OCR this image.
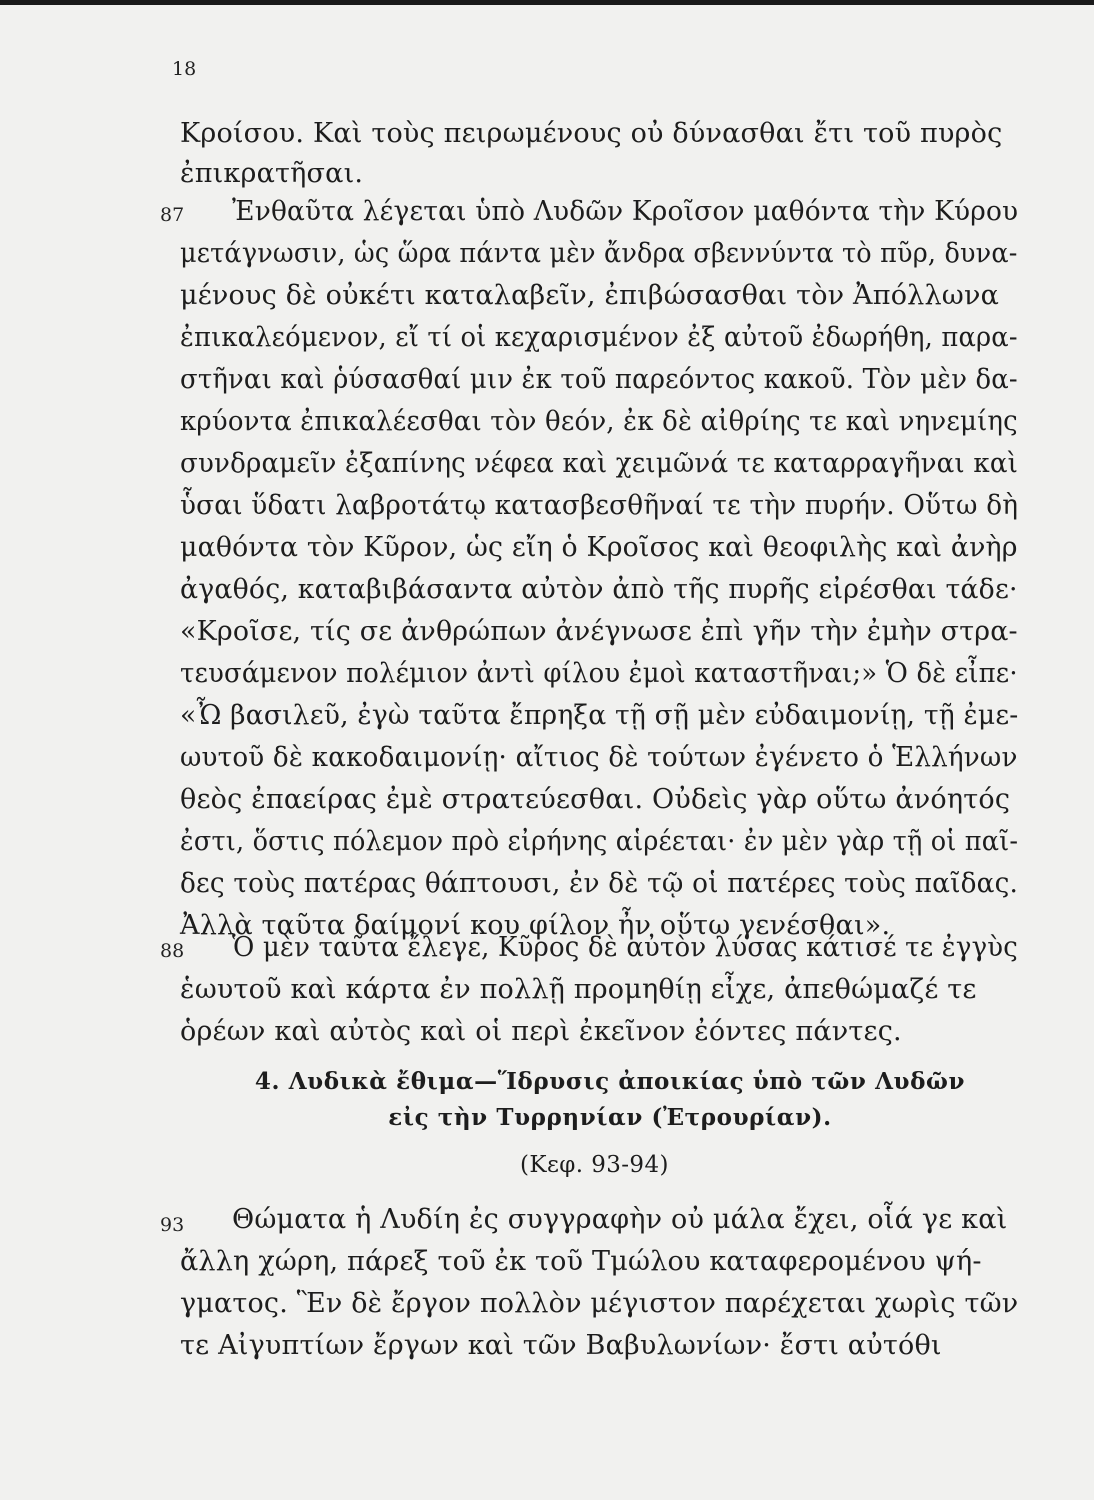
18
Κροίσου. Καὶ τοὺς πειρωμένους οὐ δύνασθαι ἔτι τοῦ πυρὸς
ἐπικρατῆσαι.
87 Ἐνθαῦτα λέγεται ὑπὸ Λυδῶν Κροῖσον μαθόντα τὴν Κύρου
μετάγνωσιν, ὡς ὥρα πάντα μὲν ἄνδρα σβεννύντα τὸ πῦρ, δυνα-
μένους δὲ οὐκέτι καταλαβεῖν, ἐπιβώσασθαι τὸν Ἀπόλλωνα
ἐπικαλεόμενον, εἴ τί οἱ κεχαρισμένον ἐξ αὐτοῦ ἐδωρήθη, παρα-
στῆναι καὶ ῥύσασθαί μιν ἐκ τοῦ παρεόντος κακοῦ. Τὸν μὲν δα-
κρύοντα ἐπικαλέεσθαι τὸν θεόν, ἐκ δὲ αἰθρίης τε καὶ νηνεμίης
συνδραμεῖν ἐξαπίνης νέφεα καὶ χειμῶνά τε καταρραγῆναι καὶ
ὗσαι ὕδατι λαβροτάτῳ κατασβεσθῆναί τε τὴν πυρήν. Οὕτω δὴ
μαθόντα τὸν Κῦρον, ὡς εἴη ὁ Κροῖσος καὶ θεοφιλὴς καὶ ἀνὴρ
ἀγαθός, καταβιβάσαντα αὐτὸν ἀπὸ τῆς πυρῆς εἰρέσθαι τάδε·
«Κροῖσε, τίς σε ἀνθρώπων ἀνέγνωσε ἐπὶ γῆν τὴν ἐμὴν στρα-
τευσάμενον πολέμιον ἀντὶ φίλου ἐμοὶ καταστῆναι;» Ὁ δὲ εἶπε·
«Ὦ βασιλεῦ, ἐγὼ ταῦτα ἔπρηξα τῇ σῇ μὲν εὐδαιμονίῃ, τῇ ἐμε-
ωυτοῦ δὲ κακοδαιμονίῃ· αἴτιος δὲ τούτων ἐγένετο ὁ Ἑλλήνων
θεὸς ἐπαείρας ἐμὲ στρατεύεσθαι. Οὐδεὶς γὰρ οὕτω ἀνόητός
ἐστι, ὅστις πόλεμον πρὸ εἰρήνης αἱρέεται· ἐν μὲν γὰρ τῇ οἱ παῖ-
δες τοὺς πατέρας θάπτουσι, ἐν δὲ τῷ οἱ πατέρες τοὺς παῖδας.
Ἀλλὰ ταῦτα δαίμονί κου φίλον ἦν οὕτω γενέσθαι».
88 Ὁ μὲν ταῦτα ἔλεγε, Κῦρος δὲ αὐτὸν λύσας κάτισέ τε ἐγγὺς
ἑωυτοῦ καὶ κάρτα ἐν πολλῇ προμηθίῃ εἶχε, ἀπεθώμαζέ τε
ὁρέων καὶ αὐτὸς καὶ οἱ περὶ ἐκεῖνον ἐόντες πάντες.
4. Λυδικὰ ἔθιμα—Ἵδρυσις ἀποικίας ὑπὸ τῶν Λυδῶν
εἰς τὴν Τυρρηνίαν (Ἐτρουρίαν).
(Κεφ. 93-94)
93 Θώματα ἡ Λυδίη ἐς συγγραφὴν οὐ μάλα ἔχει, οἷά γε καὶ
ἄλλη χώρη, πάρεξ τοῦ ἐκ τοῦ Τμώλου καταφερομένου ψή-
γματος. Ἓν δὲ ἔργον πολλὸν μέγιστον παρέχεται χωρὶς τῶν
τε Αἰγυπτίων ἔργων καὶ τῶν Βαβυλωνίων· ἔστι αὐτόθι
